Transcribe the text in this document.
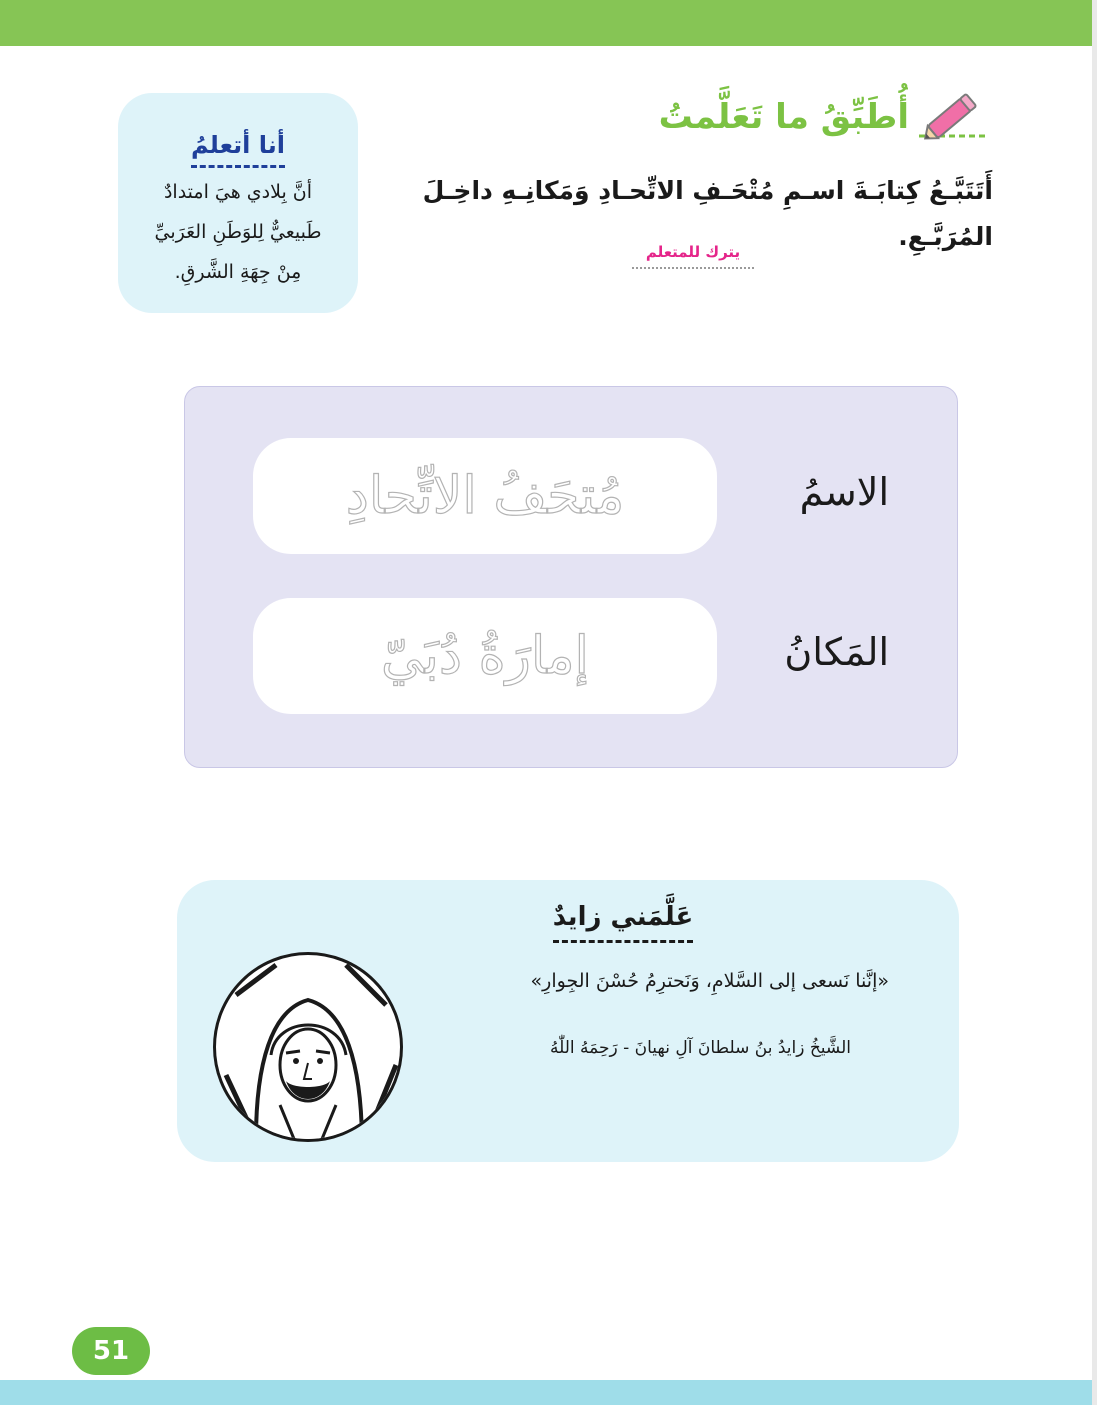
أنا أتعلمُ
أنَّ بِلادي هيَ امتدادٌ
طَبيعيٌّ لِلوَطَنِ العَرَبيِّ
مِنْ جِهَةِ الشَّرقِ.
أُطَبِّقُ ما تَعَلَّمتُ
أَتَتَبَّـعُ كِتابَـةَ اسـمِ مُتْحَـفِ الاتِّحـادِ وَمَكانِـهِ داخِـلَ المُرَبَّـعِ.
يترك للمتعلم
مُتحَفُ الاتِّحادِ	الاسمُ
إمارَةُ دُبَيّ	المَكانُ
عَلَّمَني زايدٌ
«إنَّنا نَسعى إلى السَّلامِ، وَنَحترِمُ حُسْنَ الجِوارِ»
الشَّيخُ زايدُ بنُ سلطانَ آلِ نهيانَ - رَحِمَهُ اللّٰهُ
51
